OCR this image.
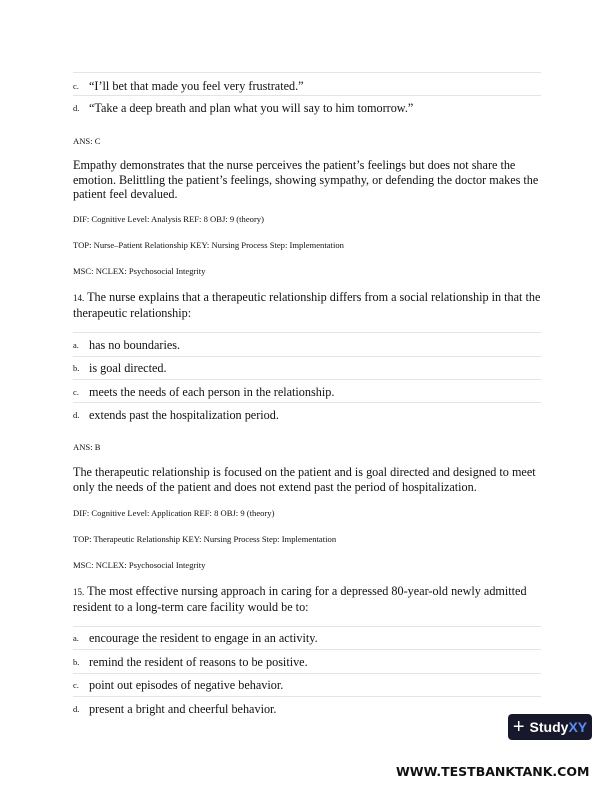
c. “I’ll bet that made you feel very frustrated.”
d. “Take a deep breath and plan what you will say to him tomorrow.”
ANS: C
Empathy demonstrates that the nurse perceives the patient’s feelings but does not share the emotion. Belittling the patient’s feelings, showing sympathy, or defending the doctor makes the patient feel devalued.
DIF: Cognitive Level: Analysis REF: 8 OBJ: 9 (theory)
TOP: Nurse–Patient Relationship KEY: Nursing Process Step: Implementation
MSC: NCLEX: Psychosocial Integrity
14. The nurse explains that a therapeutic relationship differs from a social relationship in that the therapeutic relationship:
a. has no boundaries.
b. is goal directed.
c. meets the needs of each person in the relationship.
d. extends past the hospitalization period.
ANS: B
The therapeutic relationship is focused on the patient and is goal directed and designed to meet only the needs of the patient and does not extend past the period of hospitalization.
DIF: Cognitive Level: Application REF: 8 OBJ: 9 (theory)
TOP: Therapeutic Relationship KEY: Nursing Process Step: Implementation
MSC: NCLEX: Psychosocial Integrity
15. The most effective nursing approach in caring for a depressed 80-year-old newly admitted resident to a long-term care facility would be to:
a. encourage the resident to engage in an activity.
b. remind the resident of reasons to be positive.
c. point out episodes of negative behavior.
d. present a bright and cheerful behavior.
+ Study XY
WWW.TESTBANKTANK.COM
